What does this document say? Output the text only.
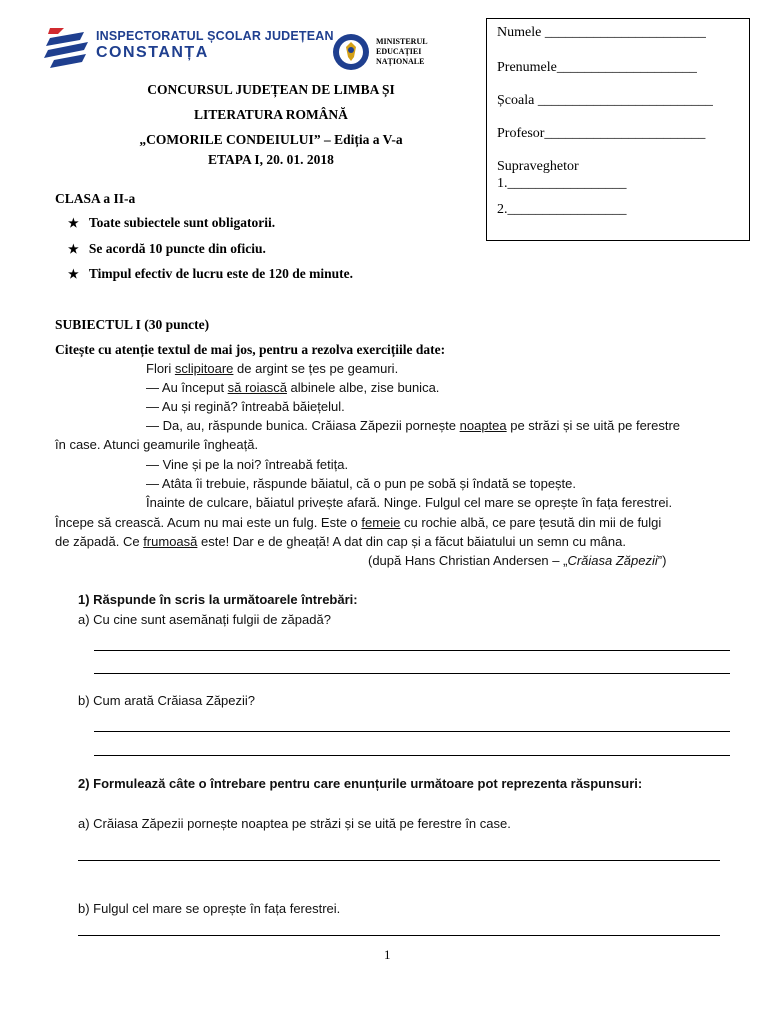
INSPECTORATUL ȘCOLAR JUDEȚEAN
CONSTANȚA
MINISTERUL
EDUCAȚIEI
NAȚIONALE
Numele _______________________
Prenumele____________________
Școala _________________________
Profesor_______________________
Supraveghetor
1._________________
2._________________
CONCURSUL JUDEȚEAN DE LIMBA ȘI
LITERATURA ROMÂNĂ
„COMORILE CONDEIULUI” – Ediția a V-a
ETAPA I, 20. 01. 2018
CLASA a II-a
★ Toate subiectele sunt obligatorii.
★ Se acordă 10 puncte din oficiu.
★ Timpul efectiv de lucru este de 120 de minute.
SUBIECTUL I (30 puncte)
Citește cu atenție textul de mai jos, pentru a rezolva exercițiile date:
Flori sclipitoare de argint se țes pe geamuri.
— Au început să roiască albinele albe, zise bunica.
— Au și regină? întreabă băiețelul.
— Da, au, răspunde bunica. Crăiasa Zăpezii pornește noaptea pe străzi și se uită pe ferestre
în case. Atunci geamurile îngheață.
— Vine și pe la noi? întreabă fetița.
— Atâta îi trebuie, răspunde băiatul, că o pun pe sobă și îndată se topește.
Înainte de culcare, băiatul privește afară. Ninge. Fulgul cel mare se oprește în fața ferestrei.
Începe să crească. Acum nu mai este un fulg. Este o femeie cu rochie albă, ce pare țesută din mii de fulgi
de zăpadă. Ce frumoasă este! Dar e de gheață! A dat din cap și a făcut băiatului un semn cu mâna.
(după Hans Christian Andersen – „Crăiasa Zăpezii”)
1) Răspunde în scris la următoarele întrebări:
a) Cu cine sunt asemănați fulgii de zăpadă?
b) Cum arată Crăiasa Zăpezii?
2) Formulează câte o întrebare pentru care enunțurile următoare pot reprezenta răspunsuri:
a) Crăiasa Zăpezii pornește noaptea pe străzi și se uită pe ferestre în case.
b) Fulgul cel mare se oprește în fața ferestrei.
1
